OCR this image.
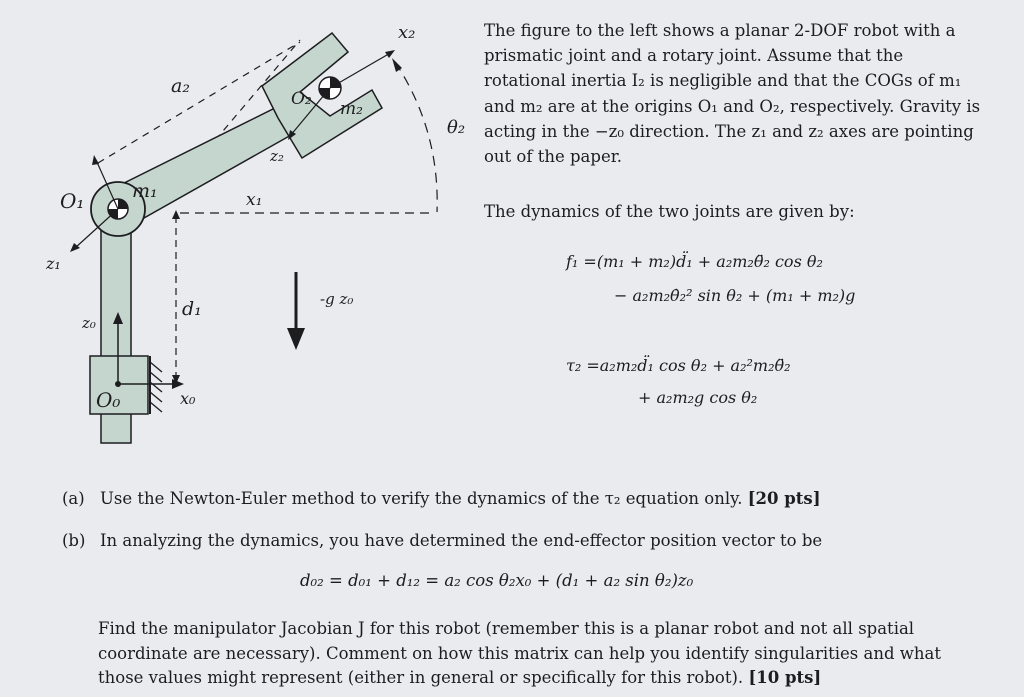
x₂
a₂
O₂ m₂
θ₂
z₂
O₁	m₁	x₁
z₁
d₁	-g z₀
z₀
O₀	x₀

The figure to the left shows a planar 2-DOF robot with a prismatic joint and a rotary joint. Assume that the rotational inertia I₂ is negligible and that the COGs of m₁ and m₂ are at the origins O₁ and O₂, respectively. Gravity is acting in the −z₀ direction. The z₁ and z₂ axes are pointing out of the paper.

The dynamics of the two joints are given by:
f₁ =(m₁ + m₂)d̈₁ + a₂m₂θ̈₂ cos θ₂
− a₂m₂θ̇₂² sin θ₂ + (m₁ + m₂)g
τ₂ =a₂m₂d̈₁ cos θ₂ + a₂²m₂θ̈₂
+ a₂m₂g cos θ₂
(a) Use the Newton-Euler method to verify the dynamics of the τ₂ equation only. [20 pts]
(b) In analyzing the dynamics, you have determined the end-effector position vector to be
d₀₂ = d₀₁ + d₁₂ = a₂ cos θ₂x₀ + (d₁ + a₂ sin θ₂)z₀
Find the manipulator Jacobian J for this robot (remember this is a planar robot and not all spatial coordinate are necessary). Comment on how this matrix can help you identify singularities and what those values might represent (either in general or specifically for this robot). [10 pts]
